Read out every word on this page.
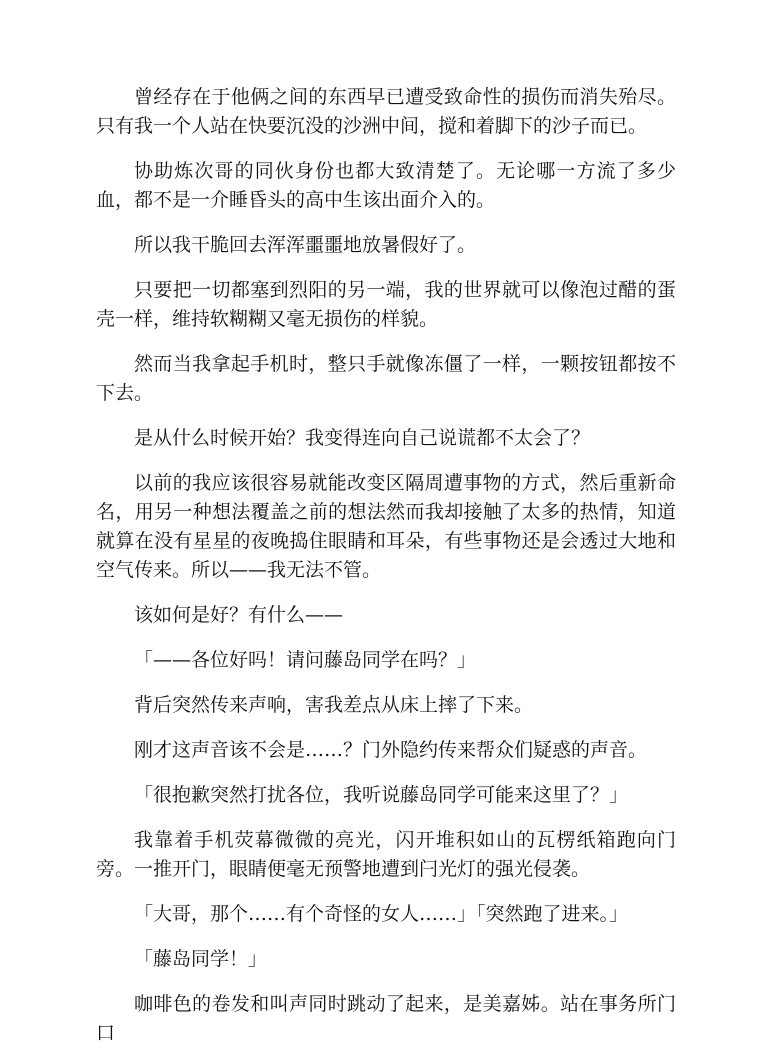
曾经存在于他俩之间的东西早已遭受致命性的损伤而消失殆尽。只有我一个人站在快要沉没的沙洲中间，搅和着脚下的沙子而已。

协助炼次哥的同伙身份也都大致清楚了。无论哪一方流了多少血，都不是一介睡昏头的高中生该出面介入的。

所以我干脆回去浑浑噩噩地放暑假好了。

只要把一切都塞到烈阳的另一端，我的世界就可以像泡过醋的蛋壳一样，维持软糊糊又毫无损伤的样貌。

然而当我拿起手机时，整只手就像冻僵了一样，一颗按钮都按不下去。

是从什么时候开始？我变得连向自己说谎都不太会了？

以前的我应该很容易就能改变区隔周遭事物的方式，然后重新命名，用另一种想法覆盖之前的想法然而我却接触了太多的热情，知道就算在没有星星的夜晚捣住眼睛和耳朵，有些事物还是会透过大地和空气传来。所以——我无法不管。

该如何是好？有什么——

「——各位好吗！请问藤岛同学在吗？」

背后突然传来声响，害我差点从床上摔了下来。

刚才这声音该不会是……？门外隐约传来帮众们疑惑的声音。

「很抱歉突然打扰各位，我听说藤岛同学可能来这里了？」

我靠着手机荧幕微微的亮光，闪开堆积如山的瓦楞纸箱跑向门旁。一推开门，眼睛便毫无预警地遭到闩光灯的强光侵袭。

「大哥，那个……有个奇怪的女人……」「突然跑了进来。」

「藤岛同学！」

咖啡色的卷发和叫声同时跳动了起来，是美嘉姊。站在事务所门口
